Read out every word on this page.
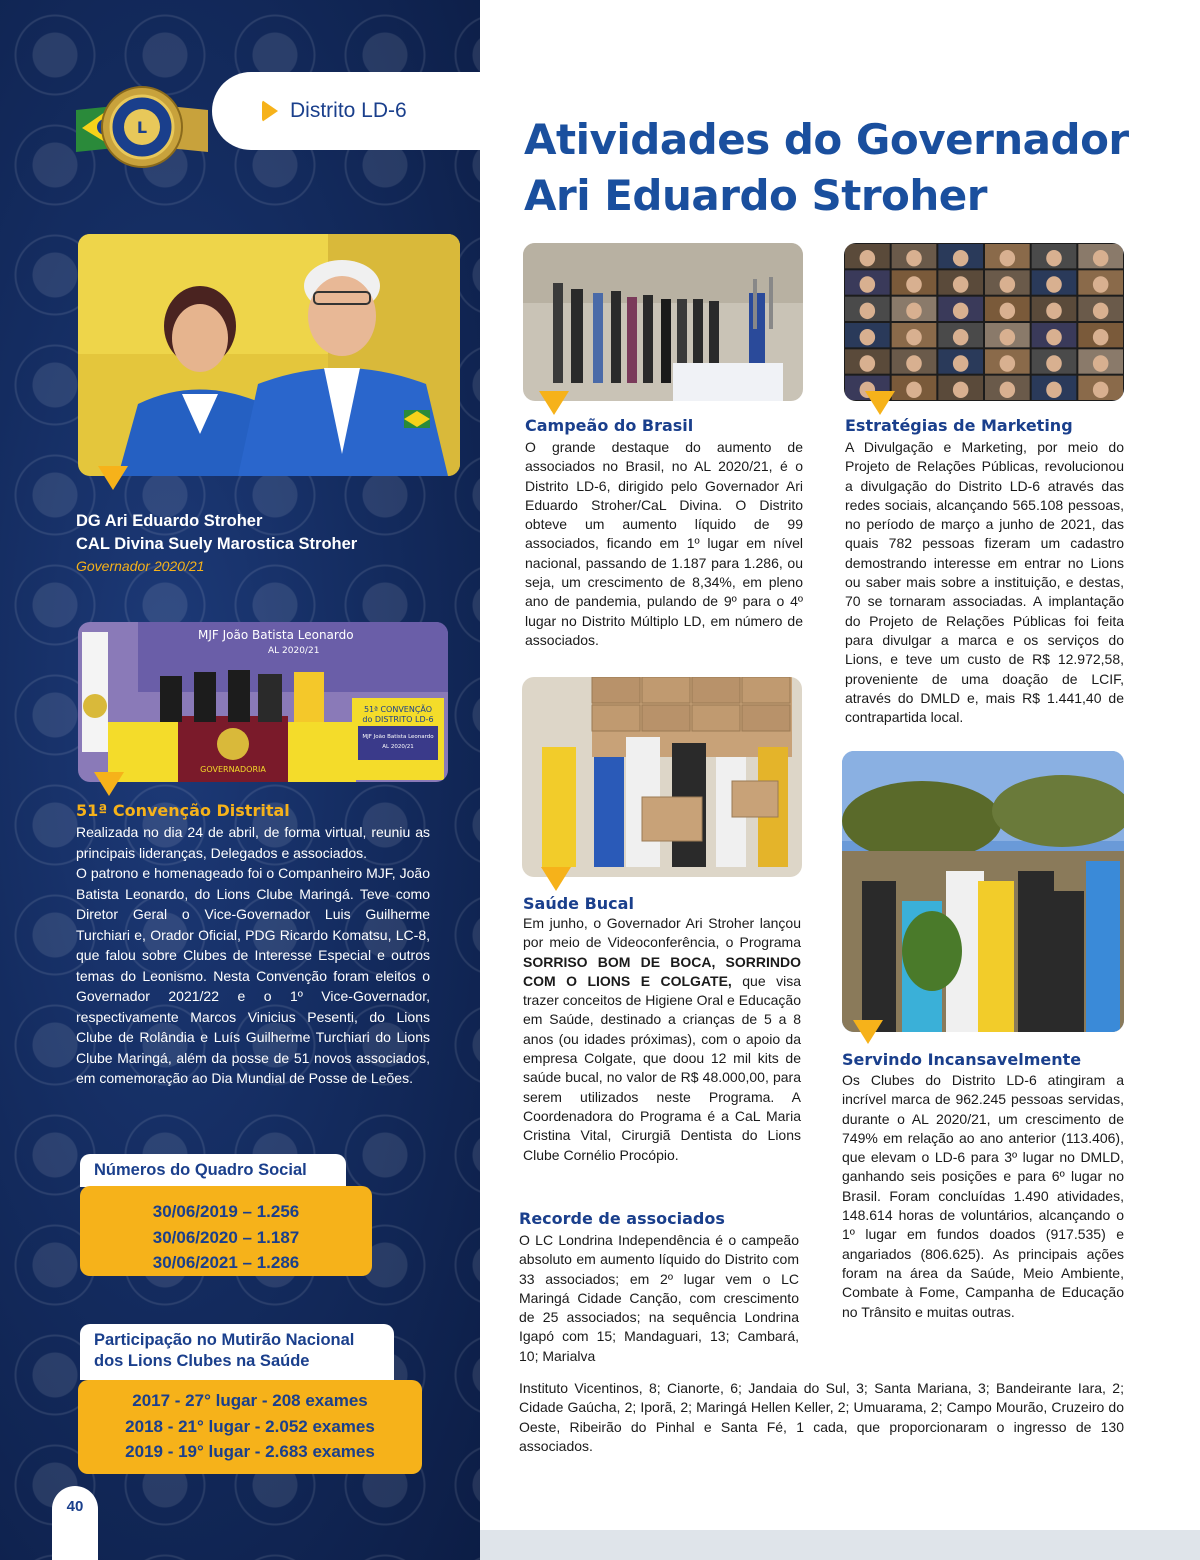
L
Distrito LD-6
DG Ari Eduardo Stroher
CAL Divina Suely Marostica Stroher
Governador 2020/21
MJF João Batista Leonardo
AL 2020/21
GOVERNADORIA
51ª CONVENÇÃO
do DISTRITO LD-6
MJF João Batista Leonardo
AL 2020/21
51ª Convenção Distrital

Realizada no dia 24 de abril, de forma virtual, reuniu as principais lideranças, Delegados e associados.

O patrono e homenageado foi o Companheiro MJF, João Batista Leonardo, do Lions Clube Maringá. Teve como Diretor Geral o Vice-Governador Luis Guilherme Turchiari e, Orador Oficial, PDG Ricardo Komatsu, LC-8, que falou sobre Clubes de Interesse Especial e outros temas do Leonismo. Nesta Convenção foram eleitos o Governador 2021/22 e o 1º Vice-Governador, respectivamente Marcos Vinicius Pesenti, do Lions Clube de Rolândia e Luís Guilherme Turchiari do Lions Clube Maringá, além da posse de 51 novos associados, em comemoração ao Dia Mundial de Posse de Leões.

Números do Quadro Social
30/06/2019 – 1.256
30/06/2020 – 1.187
30/06/2021 – 1.286
Participação no Mutirão Nacional
dos Lions Clubes na Saúde
2017 - 27° lugar - 208 exames
2018 - 21° lugar - 2.052 exames
2019 - 19° lugar - 2.683 exames
40
Atividades do Governador
Ari Eduardo Stroher
Campeão do Brasil
O grande destaque do aumento de associados no Brasil, no AL 2020/21, é o Distrito LD-6, dirigido pelo Governador Ari Eduardo Stroher/CaL Divina. O Distrito obteve um aumento líquido de 99 associados, ficando em 1º lugar em nível nacional, passando de 1.187 para 1.286, ou seja, um crescimento de 8,34%, em pleno ano de pandemia, pulando de 9º para o 4º lugar no Distrito Múltiplo LD, em número de associados.
Estratégias de Marketing
A Divulgação e Marketing, por meio do Projeto de Relações Públicas, revolucionou a divulgação do Distrito LD-6 através das redes sociais, alcançando 565.108 pessoas, no período de março a junho de 2021, das quais 782 pessoas fizeram um cadastro demostrando interesse em entrar no Lions ou saber mais sobre a instituição, e destas, 70 se tornaram associadas. A implantação do Projeto de Relações Públicas foi feita para divulgar a marca e os serviços do Lions, e teve um custo de R$ 12.972,58, proveniente de uma doação de LCIF, através do DMLD e, mais R$ 1.441,40 de contrapartida local.
Saúde Bucal
Em junho, o Governador Ari Stroher lançou por meio de Videoconferência, o Programa SORRISO BOM DE BOCA, SORRINDO COM O LIONS E COLGATE, que visa trazer conceitos de Higiene Oral e Educação em Saúde, destinado a crianças de 5 a 8 anos (ou idades próximas), com o apoio da empresa Colgate, que doou 12 mil kits de saúde bucal, no valor de R$ 48.000,00, para serem utilizados neste Programa. A Coordenadora do Programa é a CaL Maria Cristina Vital, Cirurgiã Dentista do Lions Clube Cornélio Procópio.
Servindo Incansavelmente
Os Clubes do Distrito LD-6 atingiram a incrível marca de 962.245 pessoas servidas, durante o AL 2020/21, um crescimento de 749% em relação ao ano anterior (113.406), que elevam o LD-6 para 3º lugar no DMLD, ganhando seis posições e para 6º lugar no Brasil. Foram concluídas 1.490 atividades, 148.614 horas de voluntários, alcançando o 1º lugar em fundos doados (917.535) e angariados (806.625). As principais ações foram na área da Saúde, Meio Ambiente, Combate à Fome, Campanha de Educação no Trânsito e muitas outras.
Recorde de associados
O LC Londrina Independência é o campeão absoluto em aumento líquido do Distrito com 33 associados; em 2º lugar vem o LC Maringá Cidade Canção, com crescimento de 25 associados; na sequência Londrina Igapó com 15; Mandaguari, 13; Cambará, 10; Marialva
Instituto Vicentinos, 8; Cianorte, 6; Jandaia do Sul, 3; Santa Mariana, 3; Bandeirante Iara, 2; Cidade Gaúcha, 2; Iporã, 2; Maringá Hellen Keller, 2; Umuarama, 2; Campo Mourão, Cruzeiro do Oeste, Ribeirão do Pinhal e Santa Fé, 1 cada, que proporcionaram o ingresso de 130 associados.
